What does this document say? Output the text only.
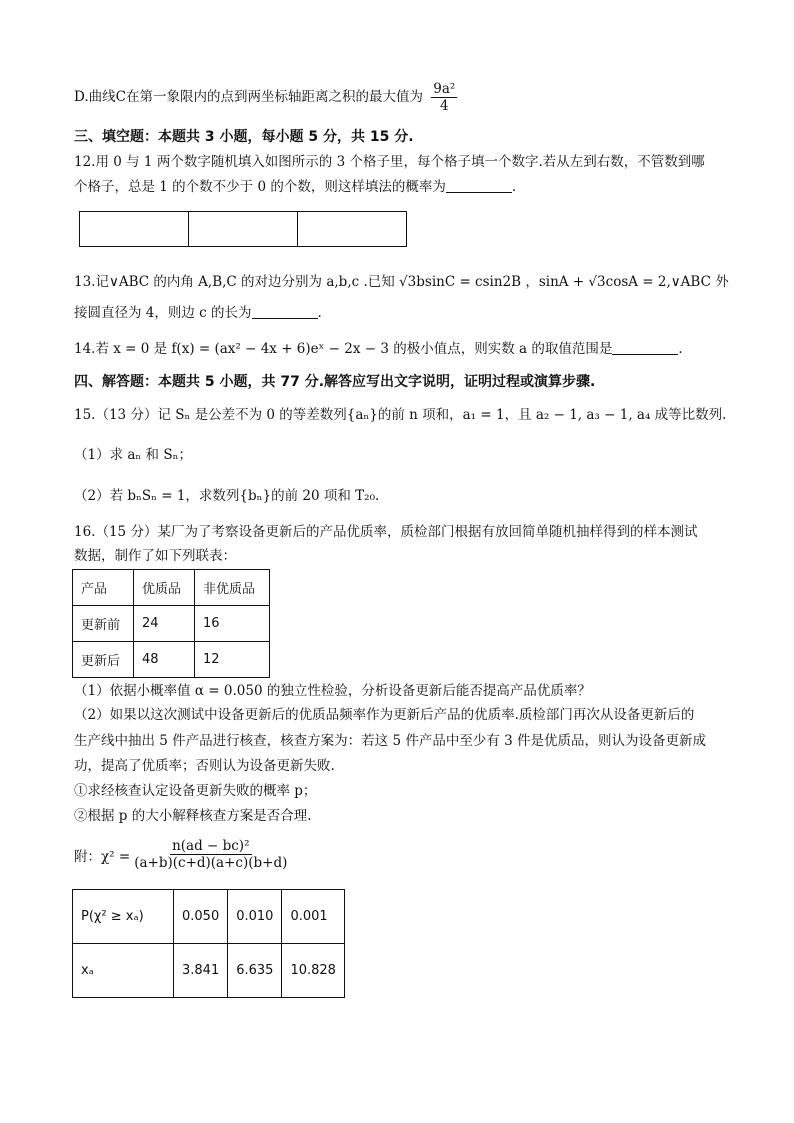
D.曲线C在第一象限内的点到两坐标轴距离之积的最大值为 $\frac{\text{9a²}}{4}$
三、填空题：本题共 3 小题，每小题 5 分，共 15 分.
12.用 0 与 1 两个数字随机填入如图所示的 3 个格子里，每个格子填一个数字.若从左到右数，不管数到哪
个格子，总是 1 的个数不少于 0 的个数，则这样填法的概率为	.
13.记∨ABC 的内角 A,B,C 的对边分别为 a,b,c .已知 √3bsinC = csin2B ，sinA + √3cosA = 2,∨ABC 外
接圆直径为 4，则边 c 的长为	.
14.若 x = 0 是 f(x) = (ax² − 4x + 6)eˣ − 2x − 3 的极小值点，则实数 a 的取值范围是	.
四、解答题：本题共 5 小题，共 77 分.解答应写出文字说明，证明过程或演算步骤.
15.（13 分）记 Sₙ 是公差不为 0 的等差数列{aₙ}的前 n 项和，a₁ = 1，且 a₂ − 1, a₃ − 1, a₄ 成等比数列.
（1）求 aₙ 和 Sₙ；
（2）若 bₙSₙ = 1，求数列{bₙ}的前 20 项和 T₂₀.
16.（15 分）某厂为了考察设备更新后的产品优质率，质检部门根据有放回简单随机抽样得到的样本测试
数据，制作了如下列联表：
产品	优质品	非优质品
更新前	24	16
更新后	48	12
（1）依据小概率值 α = 0.050 的独立性检验，分析设备更新后能否提高产品优质率？
（2）如果以这次测试中设备更新后的优质品频率作为更新后产品的优质率.质检部门再次从设备更新后的
生产线中抽出 5 件产品进行核查，核查方案为：若这 5 件产品中至少有 3 件是优质品，则认为设备更新成
功，提高了优质率；否则认为设备更新失败.
①求经核查认定设备更新失败的概率 p；
②根据 p 的大小解释核查方案是否合理.
附：$\chi^2 = \frac{\text{n(ad − bc)²}}{(a+b)(c+d)(a+c)(b+d)}$
P(χ² ≥ xₐ)	0.050	0.010	0.001
xₐ	3.841	6.635	10.828
